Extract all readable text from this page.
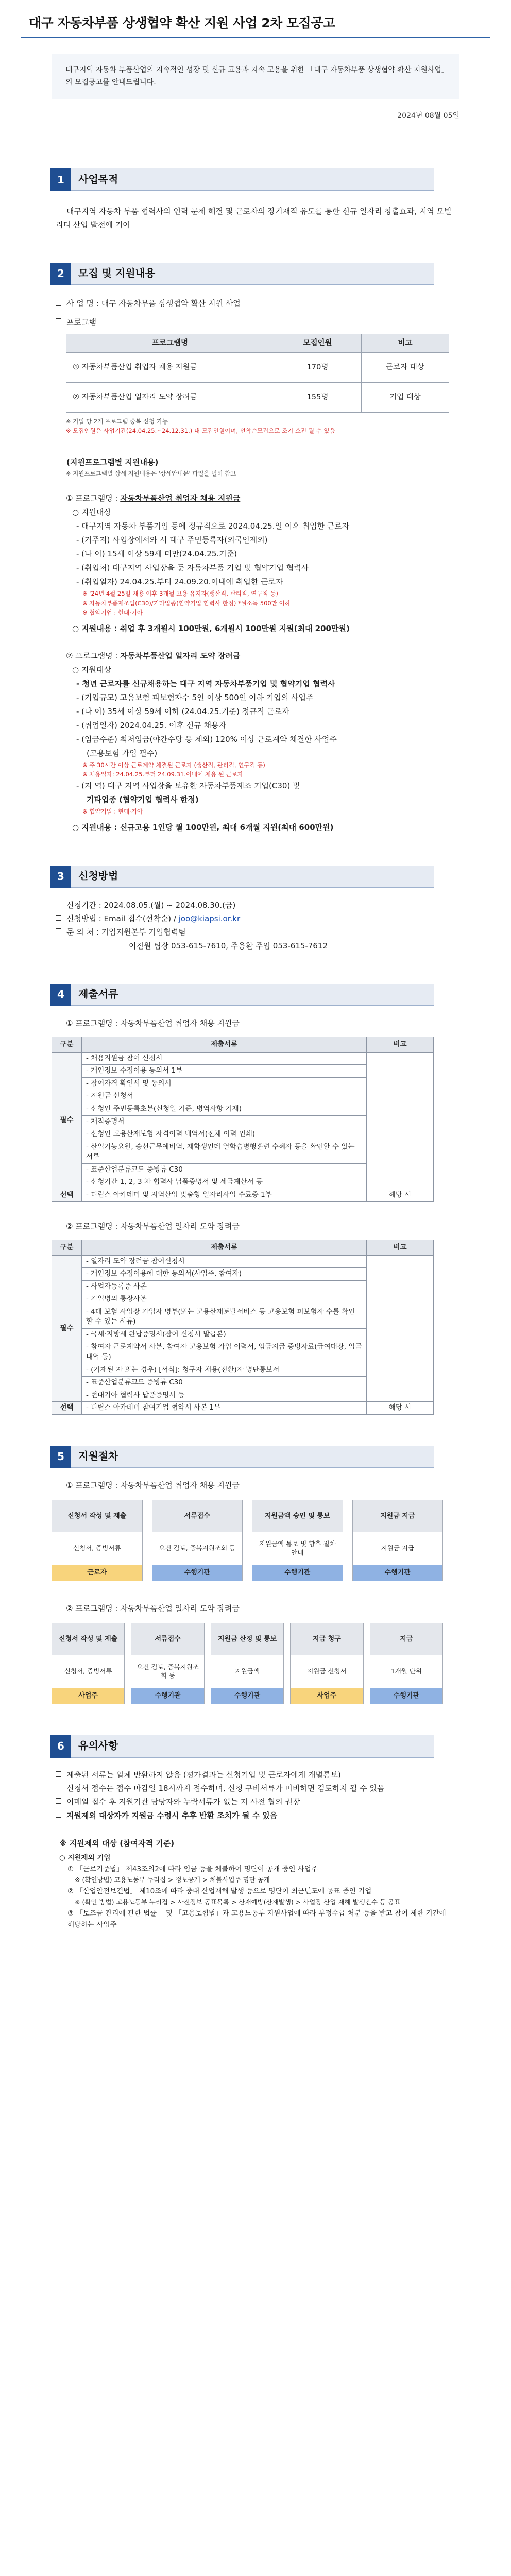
대구 자동차부품 상생협약 확산 지원 사업 2차 모집공고

대구지역 자동차 부품산업의 지속적인 성장 및 신규 고용과 지속 고용을 위한 「대구 자동차부품 상생협약 확산 지원사업」의 모집공고를 안내드립니다.

2024년 08월 05일
1	사업목적
대구지역 자동차 부품 협력사의 인력 문제 해결 및 근로자의 장기재직 유도를 통한 신규 일자리 창출효과, 지역 모빌리티 산업 발전에 기여
2	모집 및 지원내용
사 업 명 : 대구 자동차부품 상생협약 확산 지원 사업
프로그램
프로그램명	모집인원	비고
① 자동차부품산업 취업자 채용 지원금	170명	근로자 대상
② 자동차부품산업 일자리 도약 장려금	155명	기업 대상
※ 기업 당 2개 프로그램 중복 신청 가능
※ 모집인원은 사업기간(24.04.25.~24.12.31.) 내 모집인원이며, 선착순모집으로 조기 소진 될 수 있음
(지원프로그램별 지원내용)
※ 지원프로그램별 상세 지원내용은 '상세안내문' 파일을 필히 참고
① 프로그램명 : 자동차부품산업 취업자 채용 지원금
○ 지원대상
- 대구지역 자동차 부품기업 등에 정규직으로 2024.04.25.일 이후 취업한 근로자
- (거주지) 사업장에서와 시 대구 주민등록자(외국인제외)
- (나 이) 15세 이상 59세 미만(24.04.25.기준)
- (취업처) 대구지역 사업장을 둔 자동차부품 기업 및 협약기업 협력사
- (취업일자) 24.04.25.부터 24.09.20.이내에 취업한 근로자
※ '24년 4월 25일 채용 이후 3개월 고용 유지자(생산직, 관리직, 연구직 등)
※ 자동차부품제조업(C30)/기타업종(협약기업 협력사 한정) *월소득 500만 이하
※ 협약기업 : 현대·기아
○ 지원내용 : 취업 후 3개월시 100만원, 6개월시 100만원 지원(최대 200만원)
② 프로그램명 : 자동차부품산업 일자리 도약 장려금
○ 지원대상
- 청년 근로자를 신규채용하는 대구 지역 자동차부품기업 및 협약기업 협력사
- (기업규모) 고용보험 피보험자수 5인 이상 500인 이하 기업의 사업주
- (나 이) 35세 이상 59세 이하 (24.04.25.기준) 정규직 근로자
- (취업일자) 2024.04.25. 이후 신규 채용자
- (임금수준) 최저임금(야간수당 등 제외) 120% 이상 근로계약 체결한 사업주
(고용보험 가입 필수)
※ 주 30시간 이상 근로계약 체결된 근로자 (생산직, 관리직, 연구직 등)
※ 채용일자: 24.04.25.부터 24.09.31.이내에 채용 된 근로자
- (지 역) 대구 지역 사업장을 보유한 자동차부품제조 기업(C30) 및
기타업종 (협약기업 협력사 한정)
※ 협약기업 : 현대·기아
○ 지원내용 : 신규고용 1인당 월 100만원, 최대 6개월 지원(최대 600만원)
3	신청방법
신청기간 : 2024.08.05.(월) ~ 2024.08.30.(금)
신청방법 : Email 접수(선착순) / joo@kiapsi.or.kr
문 의 처 : 기업지원본부 기업협력팀
이진원 팀장 053-615-7610, 주용환 주임 053-615-7612
4	제출서류
① 프로그램명 : 자동차부품산업 취업자 채용 지원금
구분	제출서류	비고
필수	- 채용지원금 참여 신청서	
	- 개인정보 수집이용 동의서 1부	
	- 참여자격 확인서 및 동의서	
	- 지원금 신청서	
	- 신청인 주민등록초본(신청일 기준, 병역사항 기재)	
	- 재직증명서	
	- 신청인 고용산재보험 자격이력 내역서(전체 이력 인쇄)	
	- 산업기능요원, 승선근무예비역, 재학생인데 열학습병행훈련 수혜자 등을 확인할 수 있는 서류	
	- 표준산업분류코드 증빙류 C30	
	- 신청기간 1, 2, 3 차 협력사 납품증명서 및 세금계산서 등	
선택	- 디립스 아카데미 및 지역산업 맞춤형 일자리사업 수료증 1부	해당 시
② 프로그램명 : 자동차부품산업 일자리 도약 장려금
구분	제출서류	비고
필수	- 일자리 도약 장려금 참여신청서	
	- 개인정보 수집이용에 대한 동의서(사업주, 참여자)	
	- 사업자등록증 사본	
	- 기업명의 통장사본	
	- 4대 보험 사업장 가입자 명부(또는 고용산재토탈서비스 등 고용보험 피보험자 수를 확인 할 수 있는 서류)	
	- 국세·지방세 완납증명서(참여 신청시 발급본)	
	- 참여자 근로계약서 사본, 참여자 고용보험 가입 이력서, 임금지급 증빙자료(급여대장, 입금내역 등)	
	- (기재된 자 또는 경우) [서식]: 청구자 채용(전환)자 명단통보서	
	- 표준산업분류코드 증빙류 C30	
	- 현대기아 협력사 납품증명서 등	
선택	- 디립스 아카데미 참여기업 협약서 사본 1부	해당 시
5	지원절차
① 프로그램명 : 자동차부품산업 취업자 채용 지원금
신청서 작성 및 제출
신청서, 증빙서류
근로자
서류접수
요건 검토, 중복지원조회 등
수행기관
지원금액 승인 및 통보
지원금액 통보 및 향후 절차 안내
수행기관
지원금 지급
지원금 지급
수행기관
② 프로그램명 : 자동차부품산업 일자리 도약 장려금
신청서 작성 및 제출
신청서, 증빙서류
사업주
서류접수
요건 검토, 중복지원조회 등
수행기관
지원금 산정 및 통보
지원금액
수행기관
지급 청구
지원금 신청서
사업주
지급
1개월 단위
수행기관
6	유의사항
제출된 서류는 일체 반환하지 않음 (평가결과는 신청기업 및 근로자에게 개별통보)
신청서 접수는 접수 마감일 18시까지 접수하며, 신청 구비서류가 미비하면 검토하지 될 수 있음
이메일 접수 후 지원기관 담당자와 누락서류가 없는 지 사전 협의 권장
지원제외 대상자가 지원금 수령시 추후 반환 조치가 될 수 있음
※ 지원제외 대상 (참여자격 기준)
○ 지원제외 기업
① 「근로기준법」 제43조의2에 따라 임금 등을 체불하여 명단이 공개 중인 사업주
※ (확인방법) 고용노동부 누리집 > 정보공개 > 체불사업주 명단 공개
② 「산업안전보건법」 제10조에 따라 중대 산업재해 발생 등으로 명단이 최근년도에 공표 중인 기업
※ (확인 방법) 고용노동부 누리집 > 사전정보 공표목록 > 산재예방(산재발생) > 사업장 산업 재해 발생건수 등 공표
③ 「보조금 관리에 관한 법률」 및 「고용보험법」과 고용노동부 지원사업에 따라 부정수급 처분 등을 받고 참여 제한 기간에 해당하는 사업주
